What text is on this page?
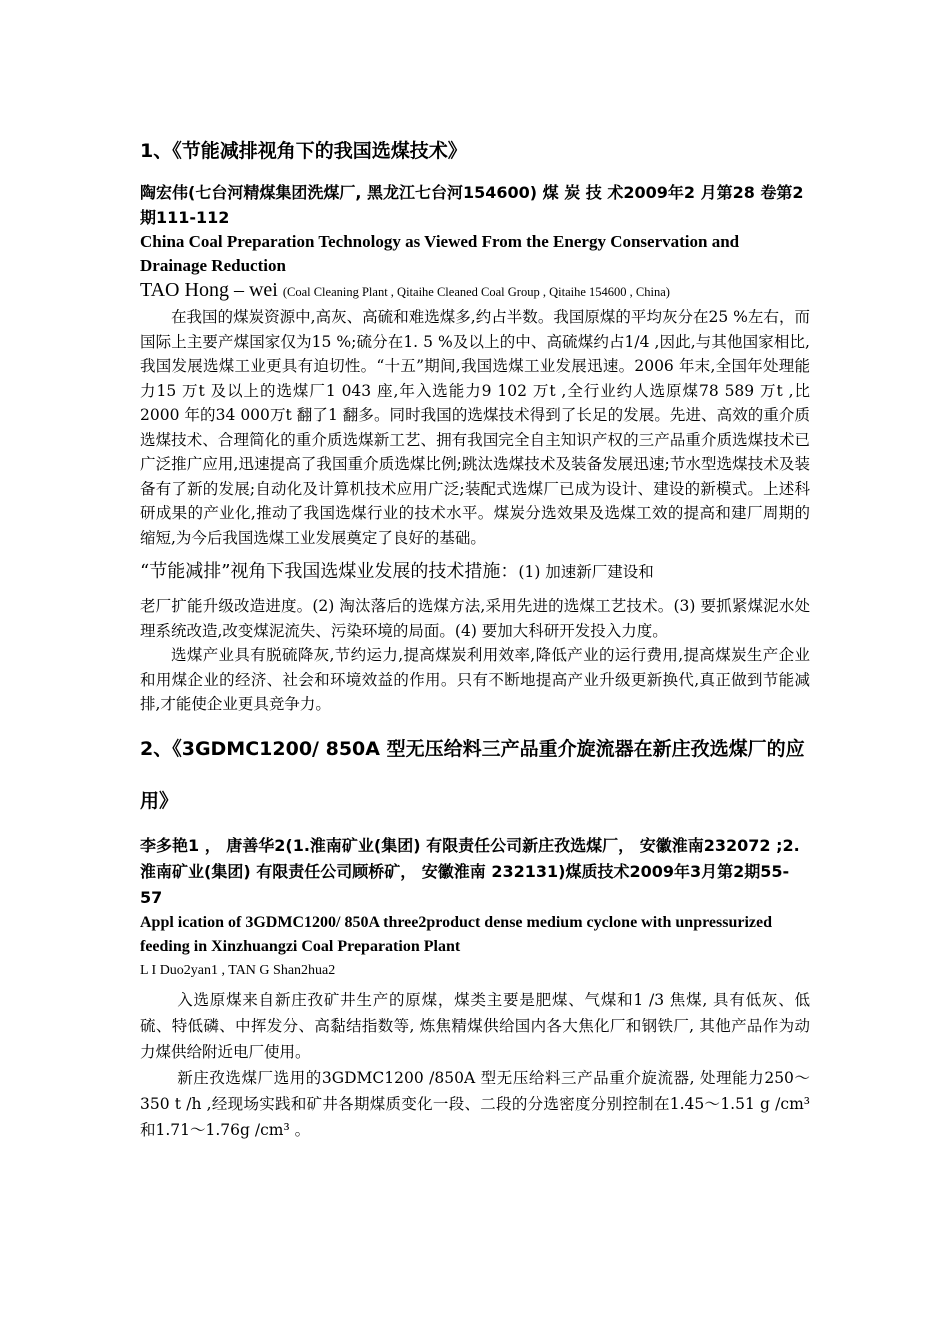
1、《节能减排视角下的我国选煤技术》
陶宏伟(七台河精煤集团洗煤厂, 黑龙江七台河154600) 煤 炭 技 术2009年2 月第28 卷第2 期111-112
China Coal Preparation Technology as Viewed From the Energy Conservation and Drainage Reduction
TAO Hong – wei (Coal Cleaning Plant , Qitaihe Cleaned Coal Group , Qitaihe 154600 , China)

在我国的煤炭资源中,高灰、高硫和难选煤多,约占半数。我国原煤的平均灰分在25 %左右，而国际上主要产煤国家仅为15 %;硫分在1. 5 %及以上的中、高硫煤约占1/4 ,因此,与其他国家相比,我国发展选煤工业更具有迫切性。“十五”期间,我国选煤工业发展迅速。2006 年末,全国年处理能力15 万t 及以上的选煤厂1 043 座,年入选能力9 102 万t ,全行业约人选原煤78 589 万t ,比2000 年的34 000万t 翻了1 翻多。同时我国的选煤技术得到了长足的发展。先进、高效的重介质选煤技术、合理简化的重介质选煤新工艺、拥有我国完全自主知识产权的三产品重介质选煤技术已广泛推广应用,迅速提高了我国重介质选煤比例;跳汰选煤技术及装备发展迅速;节水型选煤技术及装备有了新的发展;自动化及计算机技术应用广泛;装配式选煤厂已成为设计、建设的新模式。上述科研成果的产业化,推动了我国选煤行业的技术水平。煤炭分选效果及选煤工效的提高和建厂周期的缩短,为今后我国选煤工业发展奠定了良好的基础。

“节能减排”视角下我国选煤业发展的技术措施：(1) 加速新厂建设和

老厂扩能升级改造进度。(2) 淘汰落后的选煤方法,采用先进的选煤工艺技术。(3) 要抓紧煤泥水处理系统改造,改变煤泥流失、污染环境的局面。(4) 要加大科研开发投入力度。

选煤产业具有脱硫降灰,节约运力,提高煤炭利用效率,降低产业的运行费用,提高煤炭生产企业和用煤企业的经济、社会和环境效益的作用。只有不断地提高产业升级更新换代,真正做到节能减排,才能使企业更具竞争力。

2、《3GDMC1200/ 850A 型无压给料三产品重介旋流器在新庄孜选煤厂的应用》
李多艳1 ， 唐善华2(1.淮南矿业(集团) 有限责任公司新庄孜选煤厂， 安徽淮南232072 ;2. 淮南矿业(集团) 有限责任公司顾桥矿， 安徽淮南 232131)煤质技术2009年3月第2期55-57
Appl ication of 3GDMC1200/ 850A three2product dense medium cyclone with unpressurized feeding in Xinzhuangzi Coal Preparation Plant
L I Duo2yan1 , TAN G Shan2hua2

入选原煤来自新庄孜矿井生产的原煤，煤类主要是肥煤、气煤和1 /3 焦煤, 具有低灰、低硫、特低磷、中挥发分、高黏结指数等, 炼焦精煤供给国内各大焦化厂和钢铁厂, 其他产品作为动力煤供给附近电厂使用。

新庄孜选煤厂选用的3GDMC1200 /850A 型无压给料三产品重介旋流器, 处理能力250～350 t /h ,经现场实践和矿井各期煤质变化一段、二段的分选密度分别控制在1.45～1.51 g /cm³ 和1.71～1.76g /cm³ 。
